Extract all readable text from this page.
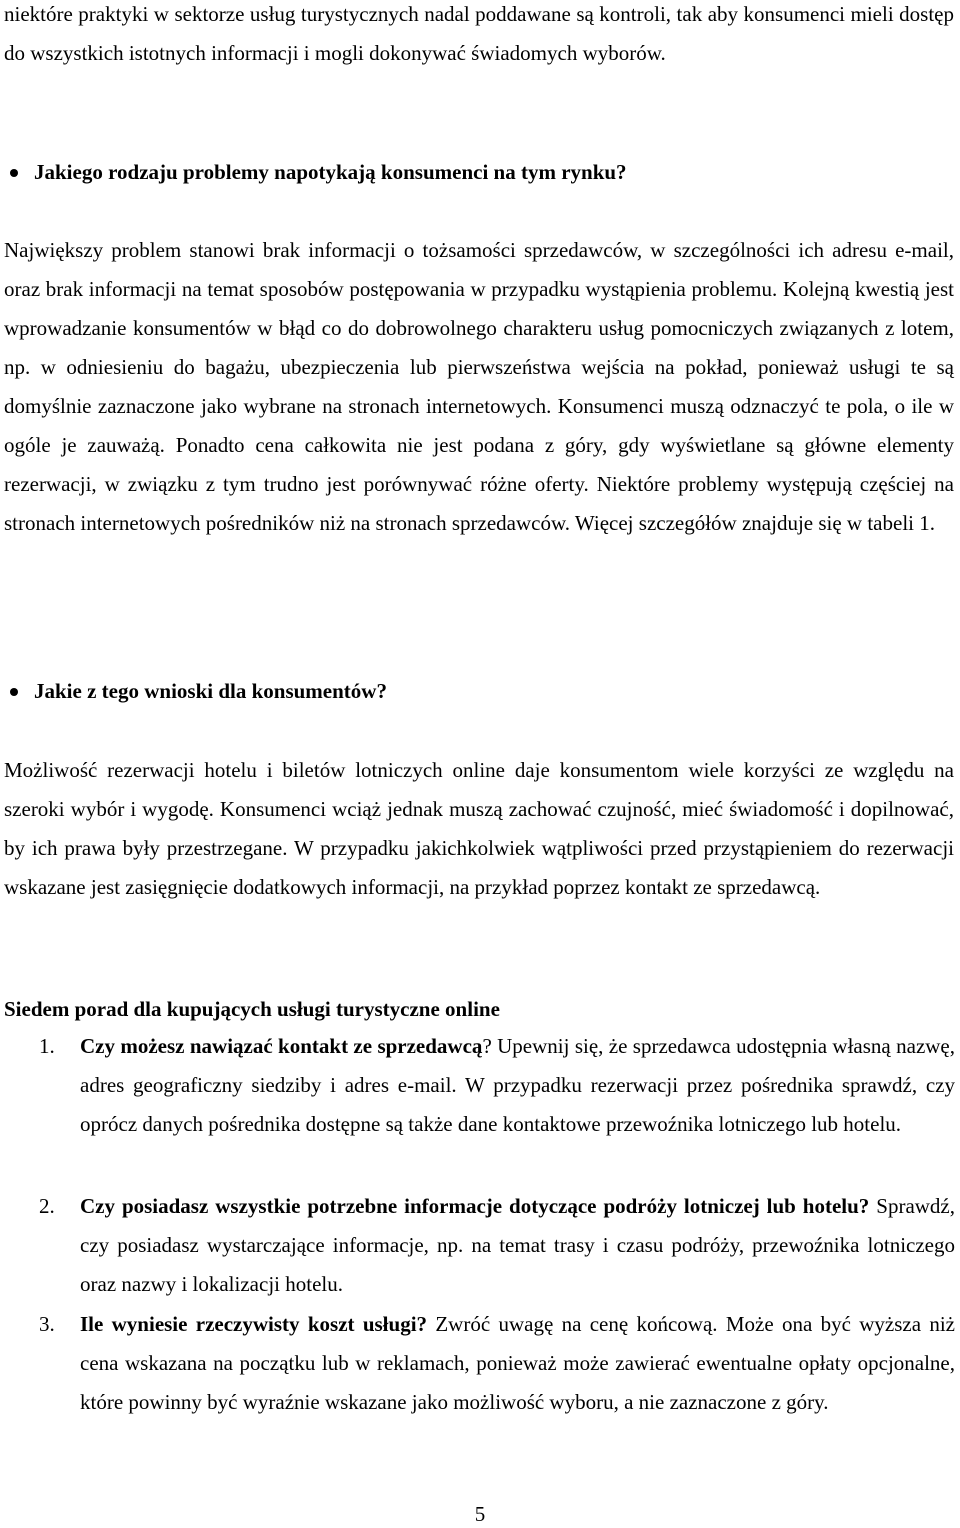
niektóre praktyki w sektorze usług turystycznych nadal poddawane są kontroli, tak aby konsumenci mieli dostęp do wszystkich istotnych informacji i mogli dokonywać świadomych wyborów.

Jakiego rodzaju problemy napotykają konsumenci na tym rynku?

Największy problem stanowi brak informacji o tożsamości sprzedawców, w szczególności ich adresu e-mail, oraz brak informacji na temat sposobów postępowania w przypadku wystąpienia problemu. Kolejną kwestią jest wprowadzanie konsumentów w błąd co do dobrowolnego charakteru usług pomocniczych związanych z lotem, np. w odniesieniu do bagażu, ubezpieczenia lub pierwszeństwa wejścia na pokład, ponieważ usługi te są domyślnie zaznaczone jako wybrane na stronach internetowych. Konsumenci muszą odznaczyć te pola, o ile w ogóle je zauważą. Ponadto cena całkowita nie jest podana z góry, gdy wyświetlane są główne elementy rezerwacji, w związku z tym trudno jest porównywać różne oferty. Niektóre problemy występują częściej na stronach internetowych pośredników niż na stronach sprzedawców. Więcej szczegółów znajduje się w tabeli 1.

Jakie z tego wnioski dla konsumentów?

Możliwość rezerwacji hotelu i biletów lotniczych online daje konsumentom wiele korzyści ze względu na szeroki wybór i wygodę. Konsumenci wciąż jednak muszą zachować czujność, mieć świadomość i dopilnować, by ich prawa były przestrzegane. W przypadku jakichkolwiek wątpliwości przed przystąpieniem do rezerwacji wskazane jest zasięgnięcie dodatkowych informacji, na przykład poprzez kontakt ze sprzedawcą.

Siedem porad dla kupujących usługi turystyczne online

1.	Czy możesz nawiązać kontakt ze sprzedawcą? Upewnij się, że sprzedawca udostępnia własną nazwę, adres geograficzny siedziby i adres e-mail. W przypadku rezerwacji przez pośrednika sprawdź, czy oprócz danych pośrednika dostępne są także dane kontaktowe przewoźnika lotniczego lub hotelu.
2.	Czy posiadasz wszystkie potrzebne informacje dotyczące podróży lotniczej lub hotelu? Sprawdź, czy posiadasz wystarczające informacje, np. na temat trasy i czasu podróży, przewoźnika lotniczego oraz nazwy i lokalizacji hotelu.
3.	Ile wyniesie rzeczywisty koszt usługi? Zwróć uwagę na cenę końcową. Może ona być wyższa niż cena wskazana na początku lub w reklamach, ponieważ może zawierać ewentualne opłaty opcjonalne, które powinny być wyraźnie wskazane jako możliwość wyboru, a nie zaznaczone z góry.
5
